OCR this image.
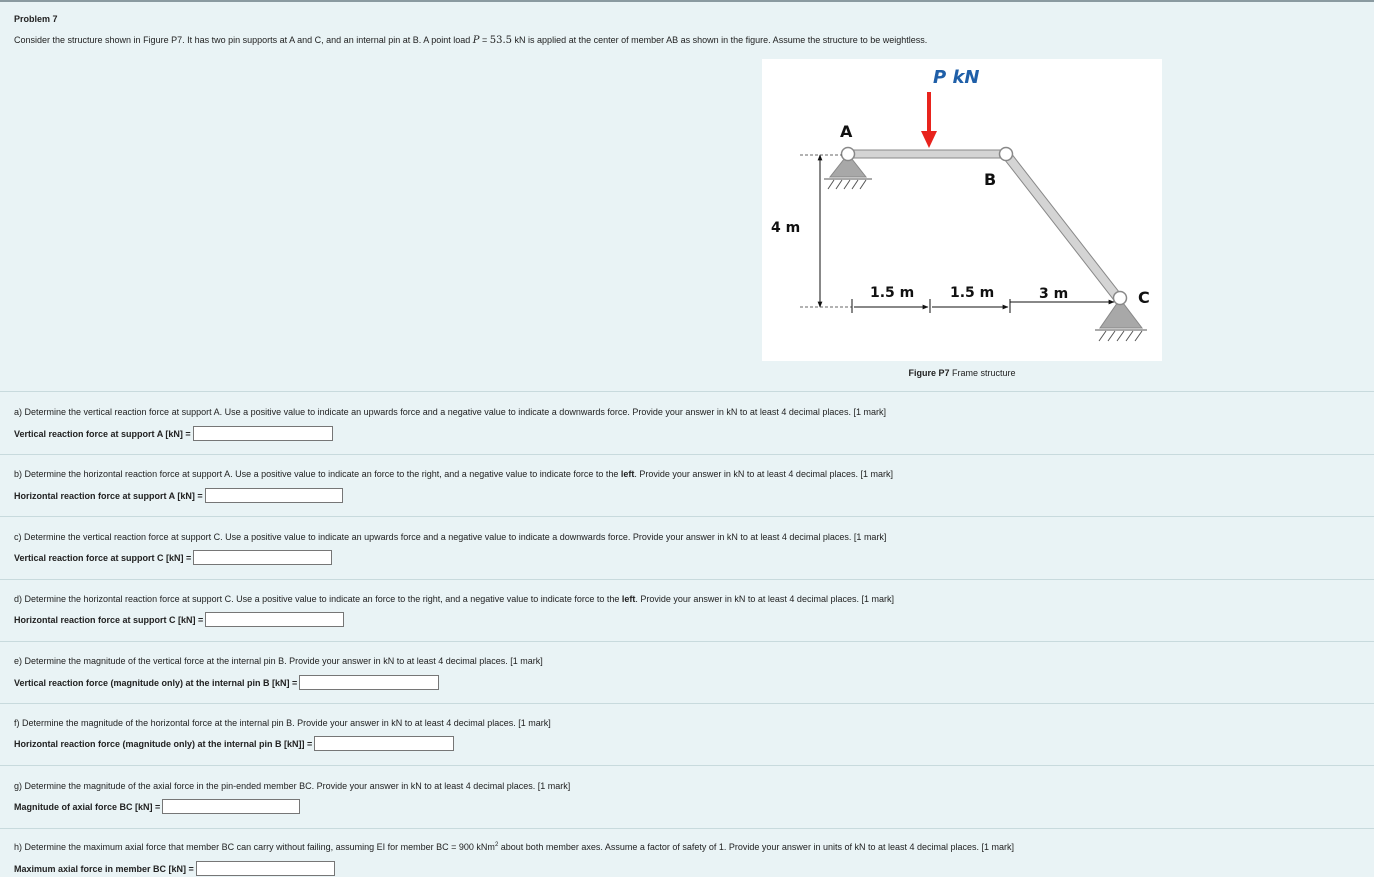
Problem 7
Consider the structure shown in Figure P7. It has two pin supports at A and C, and an internal pin at B. A point load P = 53.5 kN is applied at the center of member AB as shown in the figure. Assume the structure to be weightless.
P kN
A
B
C
4 m
1.5 m	1.5 m	3 m
Figure P7 Frame structure
a) Determine the vertical reaction force at support A. Use a positive value to indicate an upwards force and a negative value to indicate a downwards force. Provide your answer in kN to at least 4 decimal places. [1 mark]
Vertical reaction force at support A [kN] =
b) Determine the horizontal reaction force at support A. Use a positive value to indicate an force to the right, and a negative value to indicate force to the left. Provide your answer in kN to at least 4 decimal places. [1 mark]
Horizontal reaction force at support A [kN] =
c) Determine the vertical reaction force at support C. Use a positive value to indicate an upwards force and a negative value to indicate a downwards force. Provide your answer in kN to at least 4 decimal places. [1 mark]
Vertical reaction force at support C [kN] =
d) Determine the horizontal reaction force at support C. Use a positive value to indicate an force to the right, and a negative value to indicate force to the left. Provide your answer in kN to at least 4 decimal places. [1 mark]
Horizontal reaction force at support C [kN] =
e) Determine the magnitude of the vertical force at the internal pin B. Provide your answer in kN to at least 4 decimal places. [1 mark]
Vertical reaction force (magnitude only) at the internal pin B [kN] =
f) Determine the magnitude of the horizontal force at the internal pin B. Provide your answer in kN to at least 4 decimal places. [1 mark]
Horizontal reaction force (magnitude only) at the internal pin B [kN]] =
g) Determine the magnitude of the axial force in the pin-ended member BC. Provide your answer in kN to at least 4 decimal places. [1 mark]
Magnitude of axial force BC [kN] =
h) Determine the maximum axial force that member BC can carry without failing, assuming EI for member BC = 900 kNm$^2$ about both member axes. Assume a factor of safety of 1. Provide your answer in units of kN to at least 4 decimal places. [1 mark]
Maximum axial force in member BC [kN] =
